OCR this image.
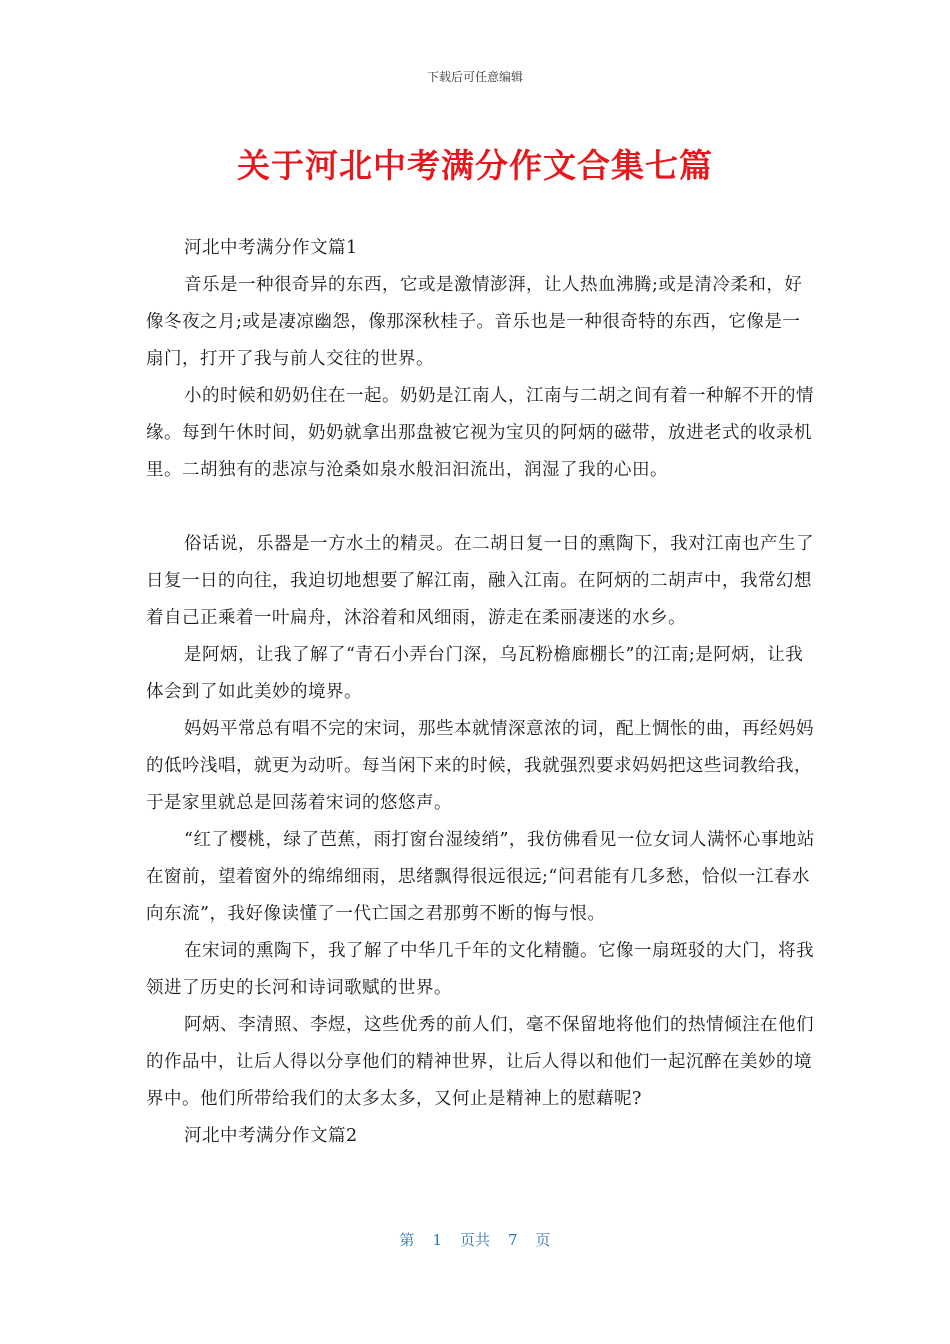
下载后可任意编辑
关于河北中考满分作文合集七篇

河北中考满分作文篇1

音乐是一种很奇异的东西，它或是激情澎湃，让人热血沸腾;或是清冷柔和，好像冬夜之月;或是凄凉幽怨，像那深秋桂子。音乐也是一种很奇特的东西，它像是一扇门，打开了我与前人交往的世界。

小的时候和奶奶住在一起。奶奶是江南人，江南与二胡之间有着一种解不开的情缘。每到午休时间，奶奶就拿出那盘被它视为宝贝的阿炳的磁带，放进老式的收录机里。二胡独有的悲凉与沧桑如泉水般汩汩流出，润湿了我的心田。

俗话说，乐器是一方水土的精灵。在二胡日复一日的熏陶下，我对江南也产生了日复一日的向往，我迫切地想要了解江南，融入江南。在阿炳的二胡声中，我常幻想着自己正乘着一叶扁舟，沐浴着和风细雨，游走在柔丽凄迷的水乡。

是阿炳，让我了解了“青石小弄台门深，乌瓦粉檐廊棚长”的江南;是阿炳，让我体会到了如此美妙的境界。

妈妈平常总有唱不完的宋词，那些本就情深意浓的词，配上惆怅的曲，再经妈妈的低吟浅唱，就更为动听。每当闲下来的时候，我就强烈要求妈妈把这些词教给我，于是家里就总是回荡着宋词的悠悠声。

“红了樱桃，绿了芭蕉，雨打窗台湿绫绡”，我仿佛看见一位女词人满怀心事地站在窗前，望着窗外的绵绵细雨，思绪飘得很远很远;“问君能有几多愁，恰似一江春水向东流”，我好像读懂了一代亡国之君那剪不断的悔与恨。

在宋词的熏陶下，我了解了中华几千年的文化精髓。它像一扇斑驳的大门，将我领进了历史的长河和诗词歌赋的世界。

阿炳、李清照、李煜，这些优秀的前人们，毫不保留地将他们的热情倾注在他们的作品中，让后人得以分享他们的精神世界，让后人得以和他们一起沉醉在美妙的境界中。他们所带给我们的太多太多，又何止是精神上的慰藉呢?

河北中考满分作文篇2

第 1 页共 7 页
